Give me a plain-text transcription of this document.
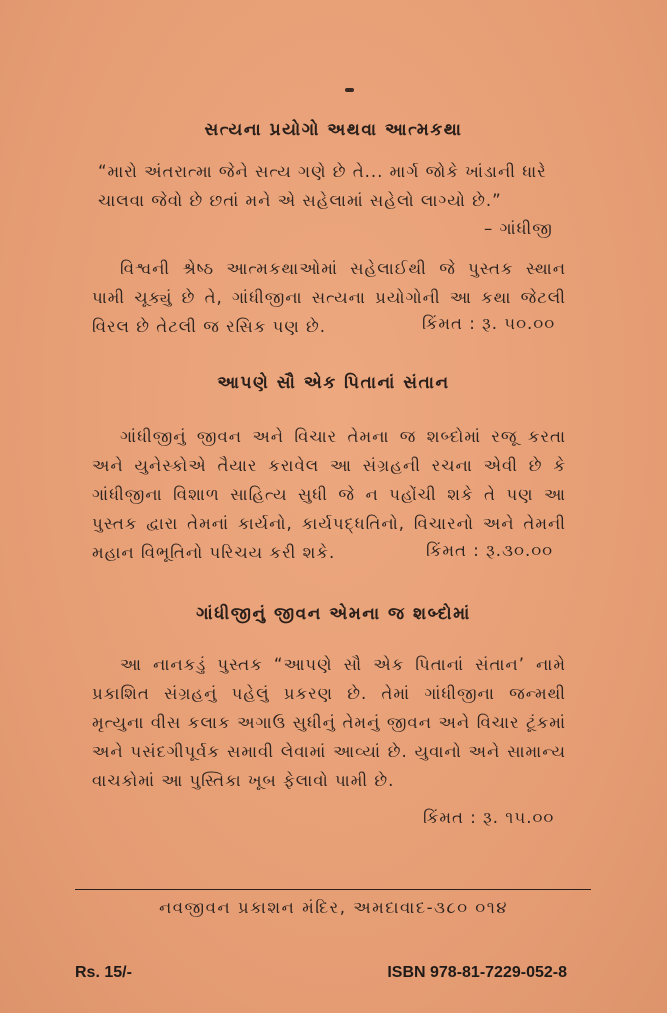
સત્યના પ્રયોગો અથવા આત્મકથા
“મારો અંતરાત્મા જેને સત્ય ગણે છે તે... માર્ગ જોકે ખાંડાની ધારે
ચાલવા જેવો છે છતાં મને એ સહેલામાં સહેલો લાગ્યો છે.”
– ગાંધીજી

વિશ્વની શ્રેષ્ઠ આત્મકથાઓમાં સહેલાઈથી જે પુસ્તક સ્થાન પામી ચૂક્યું છે તે, ગાંધીજીના સત્યના પ્રયોગોની આ કથા જેટલી વિરલ છે તેટલી જ રસિક પણ છે.	કિંમત : રૂ. ૫૦.૦૦
આપણે સૌ એક પિતાનાં સંતાન

ગાંધીજીનું જીવન અને વિચાર તેમના જ શબ્દોમાં રજૂ કરતા અને યુનેસ્કોએ તૈયાર કરાવેલ આ સંગ્રહની રચના એવી છે કે ગાંધીજીના વિશાળ સાહિત્ય સુધી જે ન પહોંચી શકે તે પણ આ પુસ્તક દ્વારા તેમનાં કાર્યનો, કાર્યપદ્ધતિનો, વિચારનો અને તેમની મહાન વિભૂતિનો પરિચય કરી શકે.	કિંમત : રૂ.૩૦.૦૦
ગાંધીજીનું જીવન એમના જ શબ્દોમાં

આ નાનકડું પુસ્તક “આપણે સૌ એક પિતાનાં સંતાન’ નામે પ્રકાશિત સંગ્રહનું પહેલું પ્રકરણ છે. તેમાં ગાંધીજીના જન્મથી મૃત્યુના વીસ કલાક અગાઉ સુધીનું તેમનું જીવન અને વિચાર ટૂંકમાં અને પસંદગીપૂર્વક સમાવી લેવામાં આવ્યાં છે. યુવાનો અને સામાન્ય વાચકોમાં આ પુસ્તિકા ખૂબ ફેલાવો પામી છે.

કિંમત : રૂ. ૧૫.૦૦
નવજીવન પ્રકાશન મંદિર, અમદાવાદ-૩૮૦ ૦૧૪
Rs. 15/-	ISBN 978-81-7229-052-8
